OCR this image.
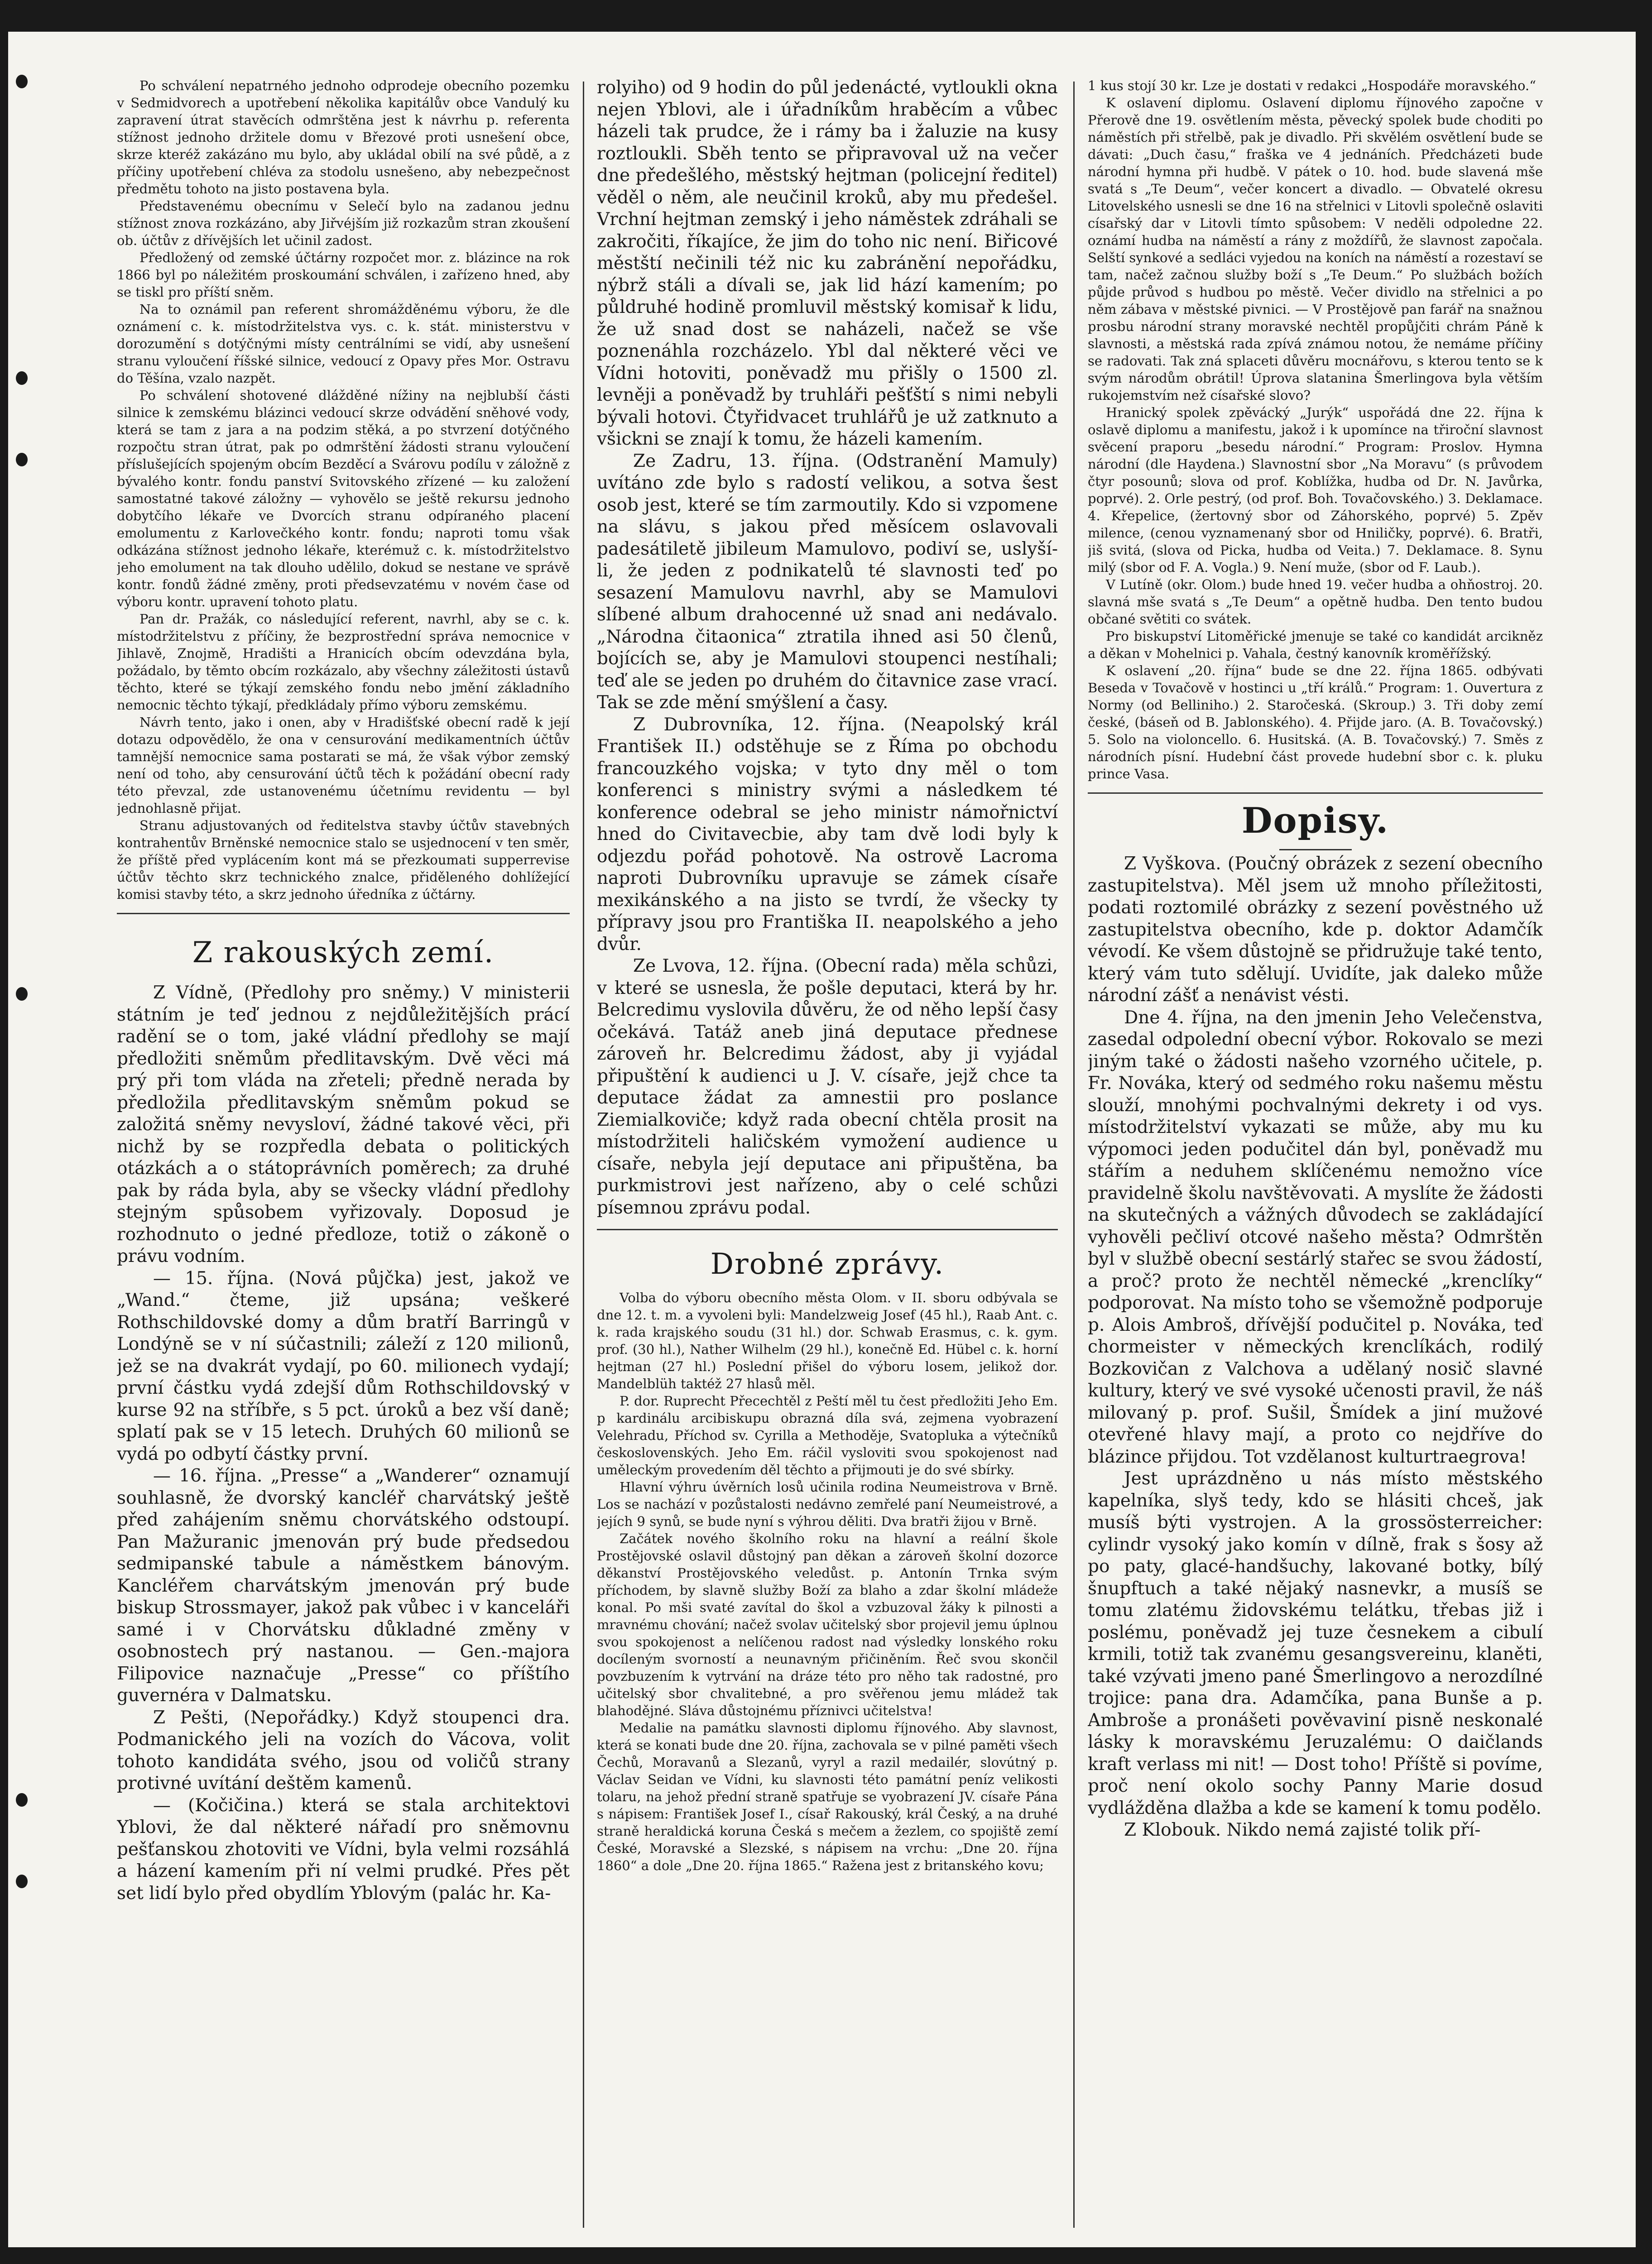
Po schválení nepatrného jednoho odprodeje obecního pozemku v Sedmidvorech a upotřebení několika kapitálův obce Vandulý ku zapravení útrat stavěcích odmrštěna jest k návrhu p. referenta stížnost jednoho držitele domu v Březové proti usnešení obce, skrze kteréž zakázáno mu bylo, aby ukládal obilí na své půdě, a z příčiny upotřebení chléva za stodolu usnešeno, aby nebezpečnost předmětu tohoto na jisto postavena byla.

Představenému obecnímu v Selečí bylo na zadanou jednu stížnost znova rozkázáno, aby Jiřvéjším již rozkazům stran zkoušení ob. účtův z dřívějších let učinil zadost.

Předložený od zemské účtárny rozpočet mor. z. blázince na rok 1866 byl po náležitém proskoumání schválen, i zařízeno hned, aby se tiskl pro příští sněm.

Na to oznámil pan referent shromážděnému výboru, že dle oznámení c. k. místodržitelstva vys. c. k. stát. ministerstvu v dorozumění s dotýčnými místy centrálními se vidí, aby usnešení stranu vyloučení říšské silnice, vedoucí z Opavy přes Mor. Ostravu do Těšína, vzalo nazpět.

Po schválení shotovené dlážděné nížiny na nejblubší části silnice k zemskému blázinci vedoucí skrze odvádění sněhové vody, která se tam z jara a na podzim stěká, a po stvrzení dotýčného rozpočtu stran útrat, pak po odmrštění žádosti stranu vyloučení příslušejících spojeným obcím Bezděcí a Svárovu podílu v záložně z bývalého kontr. fondu panství Svitovského zřízené — ku založení samostatné takové záložny — vyhovělo se ještě rekursu jednoho dobytčího lékaře ve Dvorcích stranu odpíraného placení emolumentu z Karlovečkého kontr. fondu; naproti tomu však odkázána stížnost jednoho lékaře, kterémuž c. k. místodržitelstvo jeho emolument na tak dlouho udělilo, dokud se nestane ve správě kontr. fondů žádné změny, proti předsevzatému v novém čase od výboru kontr. upravení tohoto platu.

Pan dr. Pražák, co následující referent, navrhl, aby se c. k. místodržitelstvu z příčiny, že bezprostřední správa nemocnice v Jihlavě, Znojmě, Hradišti a Hranicích obcím odevzdána byla, požádalo, by těmto obcím rozkázalo, aby všechny záležitosti ústavů těchto, které se týkají zemského fondu nebo jmění základního nemocnic těchto týkají, předkládaly přímo výboru zemskému.

Návrh tento, jako i onen, aby v Hradišťské obecní radě k její dotazu odpovědělo, že ona v censurování medikamentních účtův tamnější nemocnice sama postarati se má, že však výbor zemský není od toho, aby censurování účtů těch k požádání obecní rady této převzal, zde ustanovenému účetnímu revidentu — byl jednohlasně přijat.

Stranu adjustovaných od ředitelstva stavby účtův stavebných kontrahentův Brněnské nemocnice stalo se usjednocení v ten směr, že příště před vyplácením kont má se přezkoumati supperrevise účtův těchto skrz technického znalce, přiděleného dohlížející komisi stavby této, a skrz jednoho úředníka z účtárny.

Z rakouských zemí.

Z Vídně, (Předlohy pro sněmy.) V ministerii státním je teď jednou z nejdůležitějších prácí radění se o tom, jaké vládní předlohy se mají předložiti sněmům předlitavským. Dvě věci má prý při tom vláda na zřeteli; předně nerada by předložila předlitavským sněmům pokud se založitá sněmy nevysloví, žádné takové věci, při nichž by se rozpředla debata o politických otázkách a o státoprávních poměrech; za druhé pak by ráda byla, aby se všecky vládní předlohy stejným spůsobem vyřizovaly. Doposud je rozhodnuto o jedné předloze, totiž o zákoně o právu vodním.

— 15. října. (Nová půjčka) jest, jakož ve „Wand.“ čteme, již upsána; veškeré Rothschildovské domy a dům bratří Barringů v Londýně se v ní súčastnili; záleží z 120 milionů, jež se na dvakrát vydají, po 60. milionech vydají; první částku vydá zdejší dům Rothschildovský v kurse 92 na stříbře, s 5 pct. úroků a bez vší daně; splatí pak se v 15 letech. Druhých 60 milionů se vydá po odbytí částky první.

— 16. října. „Presse“ a „Wanderer“ oznamují souhlasně, že dvorský kancléř charvátský ještě před zahájením sněmu chorvátského odstoupí. Pan Mažuranic jmenován prý bude předsedou sedmipanské tabule a náměstkem bánovým. Kancléřem charvátským jmenován prý bude biskup Strossmayer, jakož pak vůbec i v kanceláři samé i v Chorvátsku důkladné změny v osobnostech prý nastanou. — Gen.-majora Filipovice naznačuje „Presse“ co příštího guvernéra v Dalmatsku.

Z Pešti, (Nepořádky.) Když stoupenci dra. Podmanického jeli na vozích do Vácova, volit tohoto kandidáta svého, jsou od voličů strany protivné uvítání deštěm kamenů.

— (Kočičina.) která se stala architektovi Yblovi, že dal některé nářadí pro sněmovnu pešťanskou zhotoviti ve Vídni, byla velmi rozsáhlá a házení kamením při ní velmi prudké. Přes pět set lidí bylo před obydlím Yblovým (palác hr. Ka-

rolyiho) od 9 hodin do půl jedenácté, vytloukli okna nejen Yblovi, ale i úřadníkům hraběcím a vůbec házeli tak prudce, že i rámy ba i žaluzie na kusy roztloukli. Sběh tento se připravoval už na večer dne předešlého, městský hejtman (policejní ředitel) věděl o něm, ale neučinil kroků, aby mu předešel. Vrchní hejtman zemský i jeho náměstek zdráhali se zakročiti, říkajíce, že jim do toho nic není. Biřicové městští nečinili též nic ku zabránění nepořádku, nýbrž stáli a dívali se, jak lid hází kamením; po půldruhé hodině promluvil městský komisař k lidu, že už snad dost se naházeli, načež se vše poznenáhla rozcházelo. Ybl dal některé věci ve Vídni hotoviti, poněvadž mu přišly o 1500 zl. levněji a poněvadž by truhláři pešťští s nimi nebyli bývali hotovi. Čtyřidvacet truhlářů je už zatknuto a všickni se znají k tomu, že házeli kamením.

Ze Zadru, 13. října. (Odstranění Mamuly) uvítáno zde bylo s radostí velikou, a sotva šest osob jest, které se tím zarmoutily. Kdo si vzpomene na slávu, s jakou před měsícem oslavovali padesátiletě jibileum Mamulovo, podiví se, uslyší-li, že jeden z podnikatelů té slavnosti teď po sesazení Mamulovu navrhl, aby se Mamulovi slíbené album drahocenné už snad ani nedávalo. „Národna čitaonica“ ztratila ihned asi 50 členů, bojících se, aby je Mamulovi stoupenci nestíhali; teď ale se jeden po druhém do čitavnice zase vrací. Tak se zde mění smýšlení a časy.

Z Dubrovníka, 12. října. (Neapolský král František II.) odstěhuje se z Říma po obchodu francouzkého vojska; v tyto dny měl o tom konferenci s ministry svými a následkem té konference odebral se jeho ministr námořnictví hned do Civitavecbie, aby tam dvě lodi byly k odjezdu pořád pohotově. Na ostrově Lacroma naproti Dubrovníku upravuje se zámek císaře mexikánského a na jisto se tvrdí, že všecky ty přípravy jsou pro Františka II. neapolského a jeho dvůr.

Ze Lvova, 12. října. (Obecní rada) měla schůzi, v které se usnesla, že pošle deputaci, která by hr. Belcredimu vyslovila důvěru, že od něho lepší časy očekává. Tatáž aneb jiná deputace přednese zároveň hr. Belcredimu žádost, aby ji vyjádal připuštění k audienci u J. V. císaře, jejž chce ta deputace žádat za amnestii pro poslance Ziemialkoviče; když rada obecní chtěla prosit na místodržiteli haličském vymožení audience u císaře, nebyla její deputace ani připuštěna, ba purkmistrovi jest nařízeno, aby o celé schůzi písemnou zprávu podal.

Drobné zprávy.

Volba do výboru obecního města Olom. v II. sboru odbývala se dne 12. t. m. a vyvoleni byli: Mandelzweig Josef (45 hl.), Raab Ant. c. k. rada krajského soudu (31 hl.) dor. Schwab Erasmus, c. k. gym. prof. (30 hl.), Nather Wilhelm (29 hl.), konečně Ed. Hübel c. k. horní hejtman (27 hl.) Poslední přišel do výboru losem, jelikož dor. Mandelblüh taktéž 27 hlasů měl.

P. dor. Ruprecht Přecechtěl z Peští měl tu čest předložiti Jeho Em. p kardinálu arcibiskupu obrazná díla svá, zejmena vyobrazení Velehradu, Příchod sv. Cyrilla a Methoděje, Svatopluka a výtečníků československých. Jeho Em. ráčil vysloviti svou spokojenost nad uměleckým provedením děl těchto a přijmouti je do své sbírky.

Hlavní výhru úvěrních losů učinila rodina Neumeistrova v Brně. Los se nachází v pozůstalosti nedávno zemřelé paní Neumeistrové, a jejích 9 synů, se bude nyní s výhrou děliti. Dva bratři žijou v Brně.

Začátek nového školního roku na hlavní a reální škole Prostějovské oslavil důstojný pan děkan a zároveň školní dozorce děkanství Prostějovského veledůst. p. Antonín Trnka svým příchodem, by slavně služby Boží za blaho a zdar školní mládeže konal. Po mši svaté zavítal do škol a vzbuzoval žáky k pilnosti a mravnému chování; načež svolav učitelský sbor projevil jemu úplnou svou spokojenost a nelíčenou radost nad výsledky lonského roku docíleným svorností a neunavným přičiněním. Řeč svou skončil povzbuzením k vytrvání na dráze této pro něho tak radostné, pro učitelský sbor chvalitebné, a pro svěřenou jemu mládež tak blahodějné. Sláva důstojnému příznivci učitelstva!

Medalie na památku slavnosti diplomu říjnového. Aby slavnost, která se konati bude dne 20. října, zachovala se v pilné paměti všech Čechů, Moravanů a Slezanů, vyryl a razil medailér, slovútný p. Václav Seidan ve Vídni, ku slavnosti této památní peníz velikosti tolaru, na jehož přední straně spatřuje se vyobrazení JV. císaře Pána s nápisem: František Josef I., císař Rakouský, král Český, a na druhé straně heraldická koruna Česká s mečem a žezlem, co spojiště zemí České, Moravské a Slezské, s nápisem na vrchu: „Dne 20. října 1860“ a dole „Dne 20. října 1865.“ Ražena jest z britanského kovu;

1 kus stojí 30 kr. Lze je dostati v redakci „Hospodáře moravského.“

K oslavení diplomu. Oslavení diplomu říjnového započne v Přerově dne 19. osvětlením města, pěvecký spolek bude choditi po náměstích při střelbě, pak je divadlo. Při skvělém osvětlení bude se dávati: „Duch času,“ fraška ve 4 jednáních. Předcházeti bude národní hymna při hudbě. V pátek o 10. hod. bude slavená mše svatá s „Te Deum“, večer koncert a divadlo. — Obvatelé okresu Litovelského usnesli se dne 16 na střelnici v Litovli společně oslaviti císařský dar v Litovli tímto spůsobem: V neděli odpoledne 22. oznámí hudba na náměstí a rány z moždířů, že slavnost započala. Selští synkové a sedláci vyjedou na koních na náměstí a rozestaví se tam, načež začnou služby boží s „Te Deum.“ Po službách božích půjde průvod s hudbou po městě. Večer dividlo na střelnici a po něm zábava v městské pivnici. — V Prostějově pan farář na snažnou prosbu národní strany moravské nechtěl propůjčiti chrám Páně k slavnosti, a městská rada zpívá známou notou, že nemáme příčiny se radovati. Tak zná splaceti důvěru mocnářovu, s kterou tento se k svým národům obrátil! Úprova slatanina Šmerlingova byla větším rukojemstvím než císařské slovo?

Hranický spolek zpěvácký „Jurýk“ uspořádá dne 22. října k oslavě diplomu a manifestu, jakož i k upomínce na třiroční slavnost svěcení praporu „besedu národní.“ Program: Proslov. Hymna národní (dle Haydena.) Slavnostní sbor „Na Moravu“ (s průvodem čtyr posounů; slova od prof. Koblížka, hudba od Dr. N. Javůrka, poprvé). 2. Orle pestrý, (od prof. Boh. Tovačovského.) 3. Deklamace. 4. Křepelice, (žertovný sbor od Záhorského, poprvé) 5. Zpěv milence, (cenou vyznamenaný sbor od Hniličky, poprvé). 6. Bratři, jiš svitá, (slova od Picka, hudba od Veita.) 7. Deklamace. 8. Synu milý (sbor od F. A. Vogla.) 9. Není muže, (sbor od F. Laub.).

V Lutíně (okr. Olom.) bude hned 19. večer hudba a ohňostroj. 20. slavná mše svatá s „Te Deum“ a opětně hudba. Den tento budou občané světiti co svátek.

Pro biskupství Litoměřické jmenuje se také co kandidát arcikněz a děkan v Mohelnici p. Vahala, čestný kanovník kroměřížský.

K oslavení „20. října“ bude se dne 22. října 1865. odbývati Beseda v Tovačově v hostinci u „tří králů.“ Program: 1. Ouvertura z Normy (od Belliniho.) 2. Staročeská. (Skroup.) 3. Tři doby zemí české, (báseň od B. Jablonského). 4. Přijde jaro. (A. B. Tovačovský.) 5. Solo na violoncello. 6. Husitská. (A. B. Tovačovský.) 7. Směs z národních písní. Hudební část provede hudební sbor c. k. pluku prince Vasa.

Dopisy.

Z Vyškova. (Poučný obrázek z sezení obecního zastupitelstva). Měl jsem už mnoho příležitosti, podati roztomilé obrázky z sezení pověstného už zastupitelstva obecního, kde p. doktor Adamčík vévodí. Ke všem důstojně se přidružuje také tento, který vám tuto sdělují. Uvidíte, jak daleko může národní zášť a nenávist vésti.

Dne 4. října, na den jmenin Jeho Velečenstva, zasedal odpolední obecní výbor. Rokovalo se mezi jiným také o žádosti našeho vzorného učitele, p. Fr. Nováka, který od sedmého roku našemu městu slouží, mnohými pochvalnými dekrety i od vys. místodržitelství vykazati se může, aby mu ku výpomoci jeden podučitel dán byl, poněvadž mu stářím a neduhem sklíčenému nemožno více pravidelně školu navštěvovati. A myslíte že žádosti na skutečných a vážných důvodech se zakládající vyhověli pečliví otcové našeho města? Odmrštěn byl v službě obecní sestárlý stařec se svou žádostí, a proč? proto že nechtěl německé „krenclíky“ podporovat. Na místo toho se všemožně podporuje p. Alois Ambroš, dřívější podučitel p. Nováka, teď chormeister v německých krenclíkách, rodilý Bozkovičan z Valchova a udělaný nosič slavné kultury, který ve své vysoké učenosti pravil, že náš milovaný p. prof. Sušil, Šmídek a jiní mužové otevřené hlavy mají, a proto co nejdříve do blázince přijdou. Tot vzdělanost kulturtraegrova!

Jest uprázdněno u nás místo městského kapelníka, slyš tedy, kdo se hlásiti chceš, jak musíš býti vystrojen. A la grossösterreicher: cylindr vysoký jako komín v dílně, frak s šosy až po paty, glacé-handšuchy, lakované botky, bílý šnupftuch a také nějaký nasnevkr, a musíš se tomu zlatému židovskému telátku, třebas již i poslému, poněvadž jej tuze česnekem a cibulí krmili, totiž tak zvanému gesangsvereinu, klaněti, také vzývati jmeno pané Šmerlingovo a nerozdílné trojice: pana dra. Adamčíka, pana Bunše a p. Ambroše a pronášeti pověvaviní pisně neskonalé lásky k moravskému Jeruzalému: O daičlands kraft verlass mi nit! — Dost toho! Příště si povíme, proč není okolo sochy Panny Marie dosud vydlážděna dlažba a kde se kamení k tomu podělo.

Z Klobouk. Nikdo nemá zajisté tolik pří-
